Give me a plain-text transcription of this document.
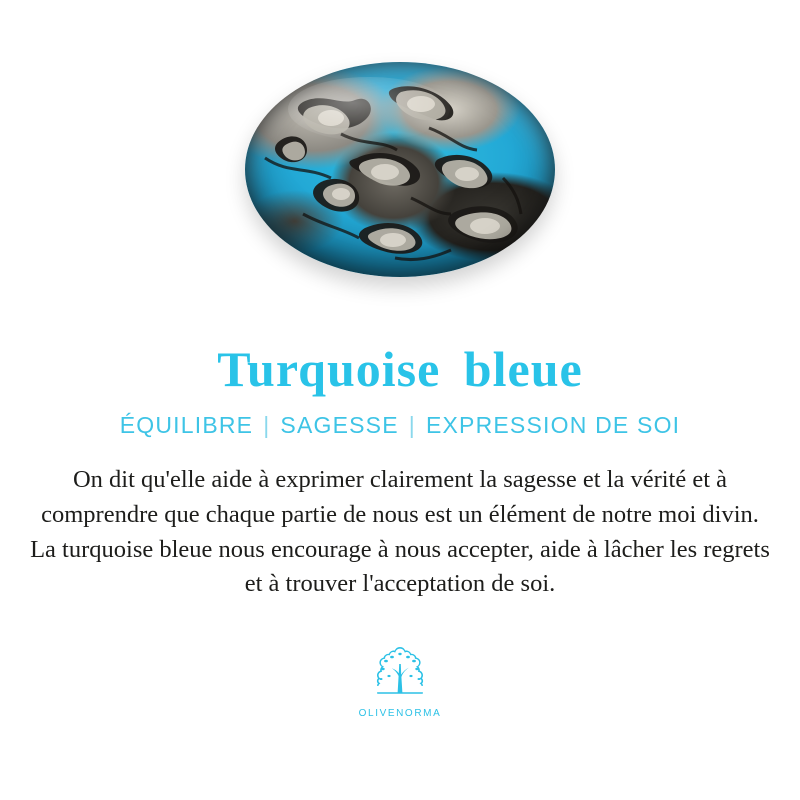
Turquoise bleue
ÉQUILIBRE | SAGESSE | EXPRESSION DE SOI
On dit qu'elle aide à exprimer clairement la sagesse et la vérité et à comprendre que chaque partie de nous est un élément de notre moi divin. La turquoise bleue nous encourage à nous accepter, aide à lâcher les regrets et à trouver l'acceptation de soi.
OLIVENORMA
